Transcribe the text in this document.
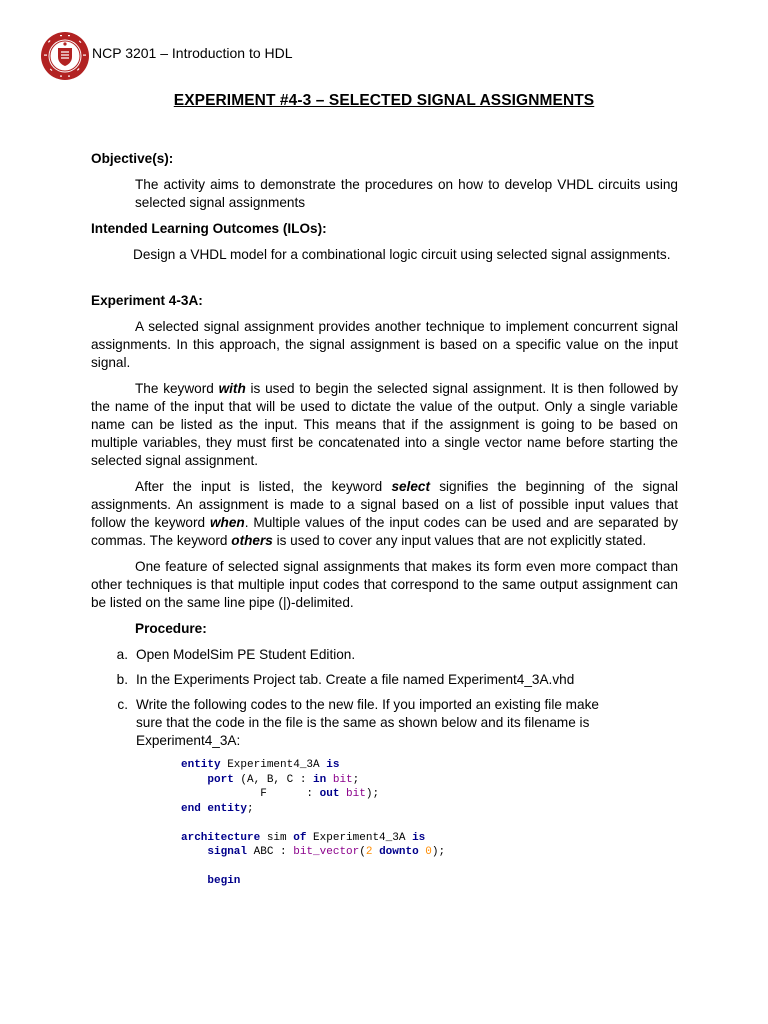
NCP 3201 – Introduction to HDL
EXPERIMENT #4-3 – SELECTED SIGNAL ASSIGNMENTS

Objective(s):

The activity aims to demonstrate the procedures on how to develop VHDL circuits using selected signal assignments

Intended Learning Outcomes (ILOs):

Design a VHDL model for a combinational logic circuit using selected signal assignments.

Experiment 4-3A:

A selected signal assignment provides another technique to implement concurrent signal assignments. In this approach, the signal assignment is based on a specific value on the input signal.

The keyword with is used to begin the selected signal assignment. It is then followed by the name of the input that will be used to dictate the value of the output. Only a single variable name can be listed as the input. This means that if the assignment is going to be based on multiple variables, they must first be concatenated into a single vector name before starting the selected signal assignment.

After the input is listed, the keyword select signifies the beginning of the signal assignments. An assignment is made to a signal based on a list of possible input values that follow the keyword when. Multiple values of the input codes can be used and are separated by commas. The keyword others is used to cover any input values that are not explicitly stated.

One feature of selected signal assignments that makes its form even more compact than other techniques is that multiple input codes that correspond to the same output assignment can be listed on the same line pipe (|)-delimited.

Procedure:

a. Open ModelSim PE Student Edition.
b. In the Experiments Project tab. Create a file named Experiment4_3A.vhd
c. Write the following codes to the new file. If you imported an existing file make sure that the code in the file is the same as shown below and its filename is Experiment4_3A:
entity Experiment4_3A is
port (A, B, C : in bit;
F      : out bit);
end entity;

architecture sim of Experiment4_3A is
signal ABC : bit_vector(2 downto 0);

begin
